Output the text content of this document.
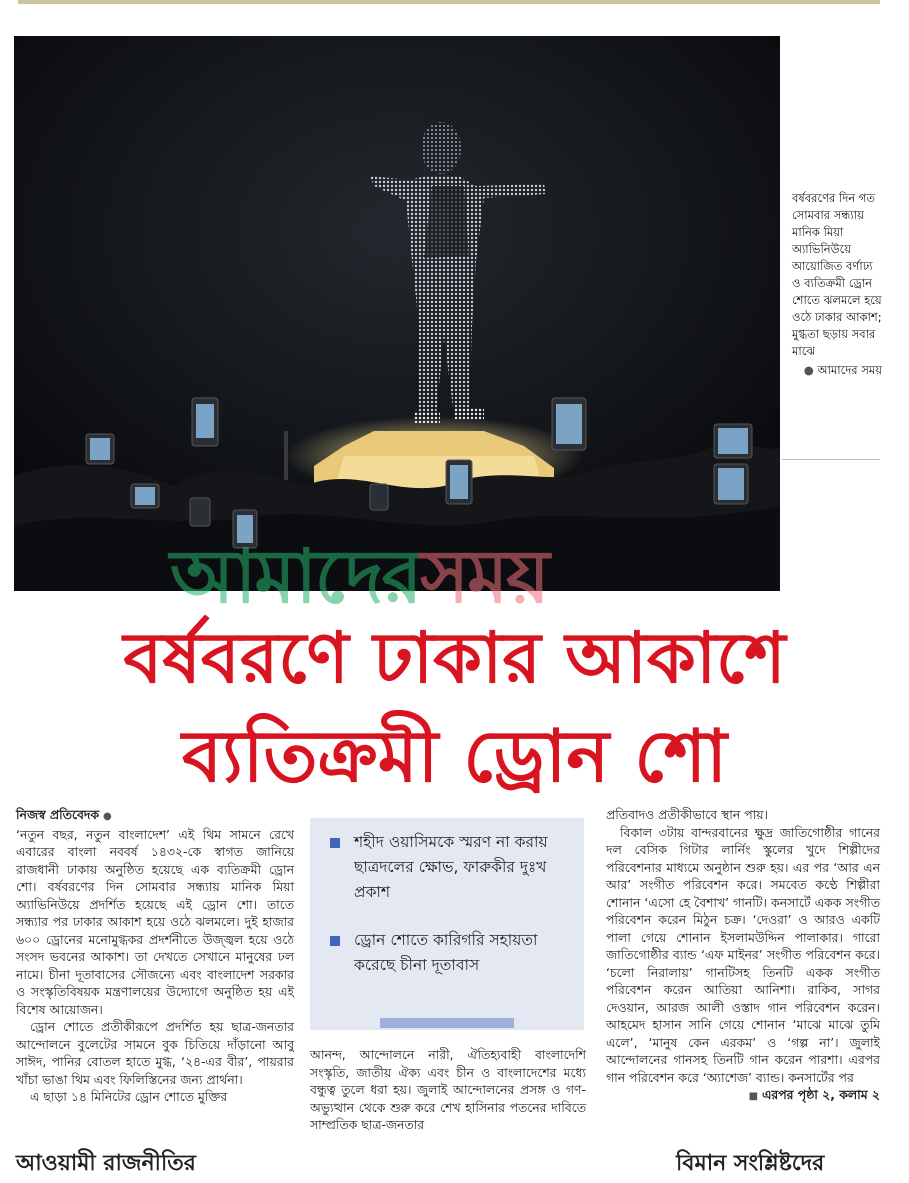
বর্ষবরণের দিন গত সোমবার সন্ধ্যায় মানিক মিয়া অ্যাভিনিউয়ে আয়োজিত বর্ণাঢ্য ও ব্যতিক্রমী ড্রোন শোতে ঝলমলে হয়ে ওঠে ঢাকার আকাশ; মুগ্ধতা ছড়ায় সবার মাঝে
● আমাদের সময়
আমাদেরসময়
বর্ষবরণে ঢাকার আকাশে
ব্যতিক্রমী ড্রোন শো

নিজস্ব প্রতিবেদক ●

‘নতুন বছর, নতুন বাংলাদেশ’ এই থিম সামনে রেখে এবারের বাংলা নববর্ষ ১৪৩২-কে স্বাগত জানিয়ে রাজধানী ঢাকায় অনুষ্ঠিত হয়েছে এক ব্যতিক্রমী ড্রোন শো। বর্ষবরণের দিন সোমবার সন্ধ্যায় মানিক মিয়া অ্যাভিনিউয়ে প্রদর্শিত হয়েছে এই ড্রোন শো। তাতে সন্ধ্যার পর ঢাকার আকাশ হয়ে ওঠে ঝলমলে। দুই হাজার ৬০০ ড্রোনের মনোমুগ্ধকর প্রদর্শনীতে উজ্জ্বল হয়ে ওঠে সংসদ ভবনের আকাশ। তা দেখতে সেখানে মানুষের ঢল নামে। চীনা দূতাবাসের সৌজন্যে এবং বাংলাদেশ সরকার ও সংস্কৃতিবিষয়ক মন্ত্রণালয়ের উদ্যোগে অনুষ্ঠিত হয় এই বিশেষ আয়োজন।

ড্রোন শোতে প্রতীকীরূপে প্রদর্শিত হয় ছাত্র-জনতার আন্দোলনে বুলেটের সামনে বুক চিতিয়ে দাঁড়ানো আবু সাঈদ, পানির বোতল হাতে মুগ্ধ, ‘২৪-এর বীর’, পায়রার খাঁচা ভাঙা থিম এবং ফিলিস্তিনের জন্য প্রার্থনা।

এ ছাড়া ১৪ মিনিটের ড্রোন শোতে মুক্তির

শহীদ ওয়াসিমকে স্মরণ না করায় ছাত্রদলের ক্ষোভ, ফারুকীর দুঃখ প্রকাশ
ড্রোন শোতে কারিগরি সহায়তা করেছে চীনা দূতাবাস

আনন্দ, আন্দোলনে নারী, ঐতিহ্যবাহী বাংলাদেশি সংস্কৃতি, জাতীয় ঐক্য এবং চীন ও বাংলাদেশের মধ্যে বন্ধুত্ব তুলে ধরা হয়। জুলাই আন্দোলনের প্রসঙ্গ ও গণ-অভ্যুত্থান থেকে শুরু করে শেখ হাসিনার পতনের দাবিতে সাম্প্রতিক ছাত্র-জনতার

প্রতিবাদও প্রতীকীভাবে স্থান পায়।

বিকাল ৩টায় বান্দরবানের ক্ষুদ্র জাতিগোষ্ঠীর গানের দল বেসিক গিটার লার্নিং স্কুলের খুদে শিল্পীদের পরিবেশনার মাধ্যমে অনুষ্ঠান শুরু হয়। এর পর ‘আর এন আর’ সংগীত পরিবেশন করে। সমবেত কণ্ঠে শিল্পীরা শোনান ‘এসো হে বৈশাখ’ গানটি। কনসার্টে একক সংগীত পরিবেশন করেন মিঠুন চক্র। ‘দেওরা’ ও আরও একটি পালা গেয়ে শোনান ইসলামউদ্দিন পালাকার। গারো জাতিগোষ্ঠীর ব্যান্ড ‘এফ মাইনর’ সংগীত পরিবেশন করে। ‘চলো নিরালায়’ গানটিসহ তিনটি একক সংগীত পরিবেশন করেন আতিয়া আনিশা। রাকিব, সাগর দেওয়ান, আরজ আলী ওস্তাদ গান পরিবেশন করেন। আহমেদ হাসান সানি গেয়ে শোনান ‘মাঝে মাঝে তুমি এলে’, ‘মানুষ কেন এরকম’ ও ‘গল্প না’। জুলাই আন্দোলনের গানসহ তিনটি গান করেন পারশা। এরপর গান পরিবেশন করে ‘অ্যাশেজ’ ব্যান্ড। কনসার্টের পর

■ এরপর পৃষ্ঠা ২, কলাম ২

আওয়ামী রাজনীতির	বিমান সংশ্লিষ্টদের
